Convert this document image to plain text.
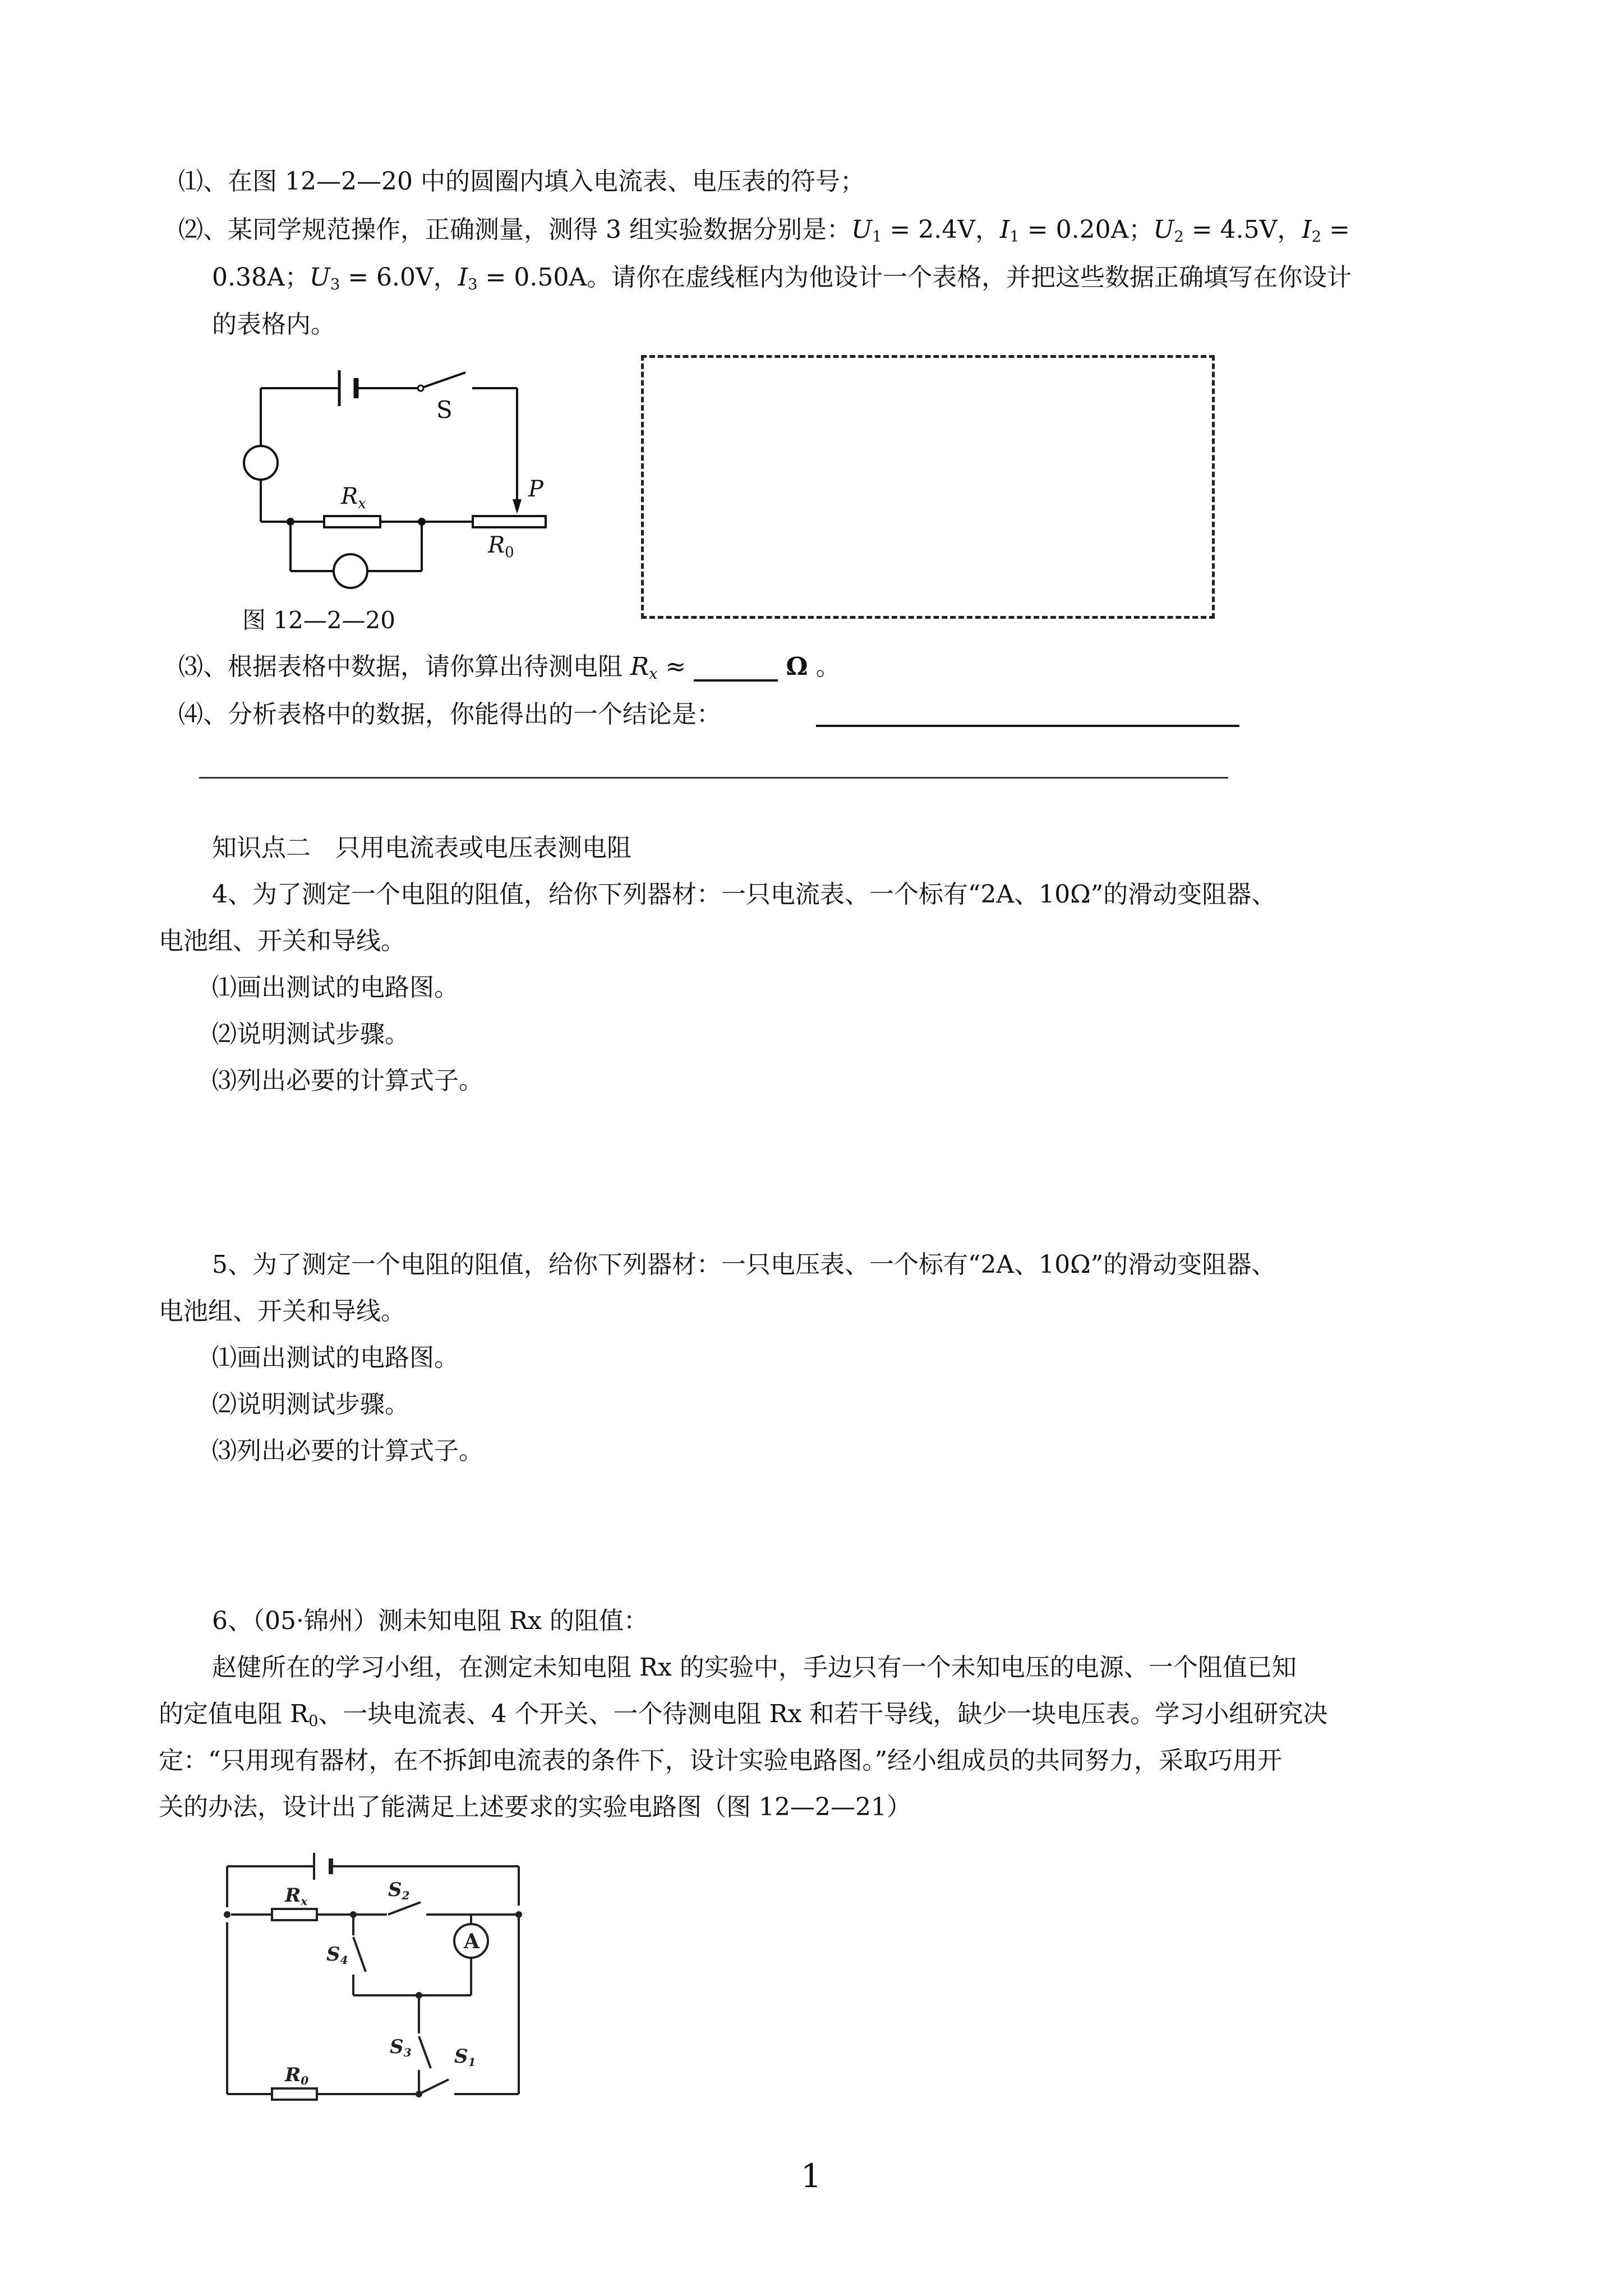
⑴、在图 12—2—20 中的圆圈内填入电流表、电压表的符号；
⑵、某同学规范操作，正确测量，测得 3 组实验数据分别是：$U_1 = 2.4V$，$I_1 = 0.20A$；$U_2 = 4.5V$，$I_2$ =
0.38A；$U_3 = 6.0V$，$I_3 = 0.50A$。请你在虚线框内为他设计一个表格，并把这些数据正确填写在你设计
的表格内。
S
$R_x$
P
$R_0$
图 12—2—20
⑶、根据表格中数据，请你算出待测电阻 $R_x$ ≈	Ω 。
⑷、分析表格中的数据，你能得出的一个结论是：
知识点二　只用电流表或电压表测电阻
4、为了测定一个电阻的阻值，给你下列器材：一只电流表、一个标有“2A、10Ω”的滑动变阻器、
电池组、开关和导线。
⑴画出测试的电路图。
⑵说明测试步骤。
⑶列出必要的计算式子。
5、为了测定一个电阻的阻值，给你下列器材：一只电压表、一个标有“2A、10Ω”的滑动变阻器、
电池组、开关和导线。
⑴画出测试的电路图。
⑵说明测试步骤。
⑶列出必要的计算式子。
6、（05·锦州）测未知电阻 Rx 的阻值：
赵健所在的学习小组，在测定未知电阻 Rx 的实验中，手边只有一个未知电压的电源、一个阻值已知
的定值电阻 $R_0$、一块电流表、4 个开关、一个待测电阻 Rx 和若干导线，缺少一块电压表。学习小组研究决
定：“只用现有器材，在不拆卸电流表的条件下，设计实验电路图。”经小组成员的共同努力，采取巧用开
关的办法，设计出了能满足上述要求的实验电路图（图 12—2—21）
Rx	S2
S4
A
S3 S1
R0
1
